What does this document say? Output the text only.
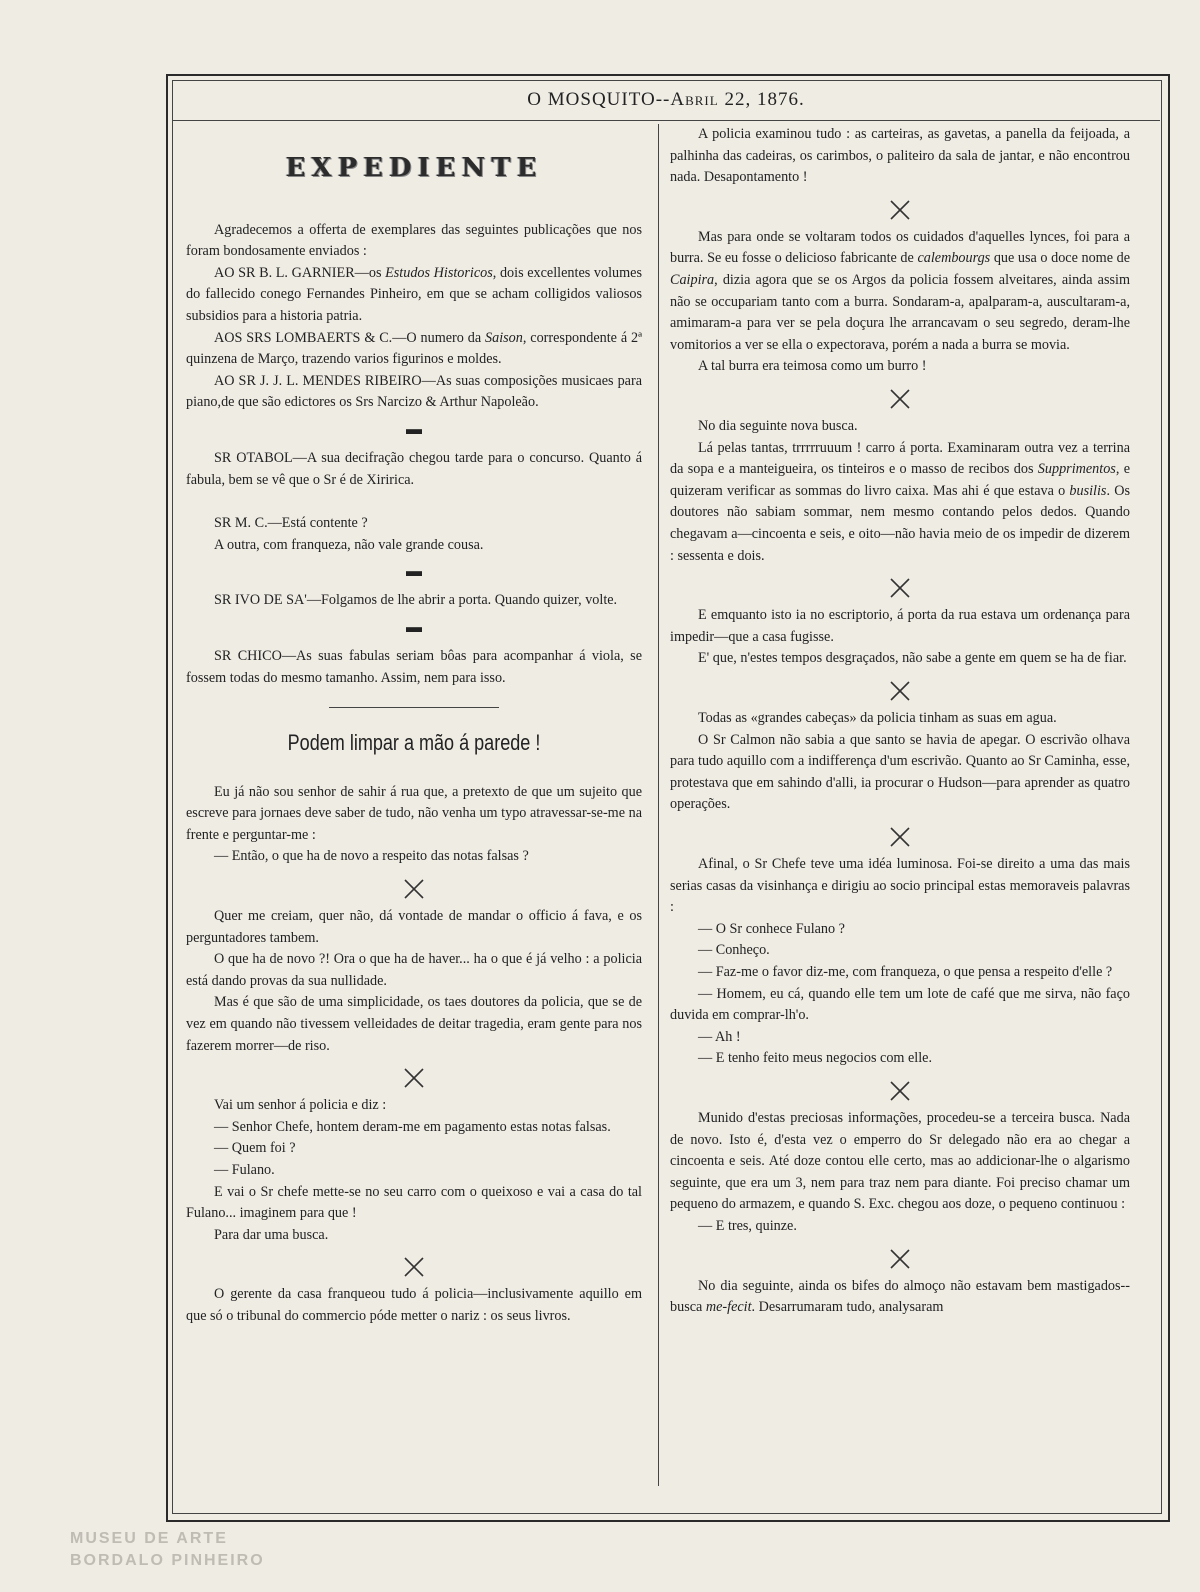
O MOSQUITO--Abril 22, 1876.
EXPEDIENTE

Agradecemos a offerta de exemplares das seguintes publicações que nos foram bondosamente enviados :

AO SR B. L. GARNIER—os Estudos Historicos, dois excellentes volumes do fallecido conego Fernandes Pinheiro, em que se acham colligidos valiosos subsidios para a historia patria.

AOS SRS LOMBAERTS & C.—O numero da Saison, correspondente á 2ª quinzena de Março, trazendo varios figurinos e moldes.

AO SR J. J. L. MENDES RIBEIRO—As suas composições musicaes para piano,de que são edictores os Srs Narcizo & Arthur Napoleão.

▬

SR OTABOL—A sua decifração chegou tarde para o concurso. Quanto á fabula, bem se vê que o Sr é de Xiririca.

SR M. C.—Está contente ?

A outra, com franqueza, não vale grande cousa.

▬

SR IVO DE SA'—Folgamos de lhe abrir a porta. Quando quizer, volte.

▬

SR CHICO—As suas fabulas seriam bôas para acompanhar á viola, se fossem todas do mesmo tamanho. Assim, nem para isso.

Podem limpar a mão á parede !

Eu já não sou senhor de sahir á rua que, a pretexto de que um sujeito que escreve para jornaes deve saber de tudo, não venha um typo atravessar-se-me na frente e perguntar-me :

— Então, o que ha de novo a respeito das notas falsas ?

Quer me creiam, quer não, dá vontade de mandar o officio á fava, e os perguntadores tambem.

O que ha de novo ?! Ora o que ha de haver... ha o que é já velho : a policia está dando provas da sua nullidade.

Mas é que são de uma simplicidade, os taes doutores da policia, que se de vez em quando não tivessem velleidades de deitar tragedia, eram gente para nos fazerem morrer—de riso.

Vai um senhor á policia e diz :

— Senhor Chefe, hontem deram-me em pagamento estas notas falsas.

— Quem foi ?

— Fulano.

E vai o Sr chefe mette-se no seu carro com o queixoso e vai a casa do tal Fulano... imaginem para que !

Para dar uma busca.

O gerente da casa franqueou tudo á policia—inclusivamente aquillo em que só o tribunal do commercio póde metter o nariz : os seus livros.

A policia examinou tudo : as carteiras, as gavetas, a panella da feijoada, a palhinha das cadeiras, os carimbos, o paliteiro da sala de jantar, e não encontrou nada. Desapontamento !

Mas para onde se voltaram todos os cuidados d'aquelles lynces, foi para a burra. Se eu fosse o delicioso fabricante de calembourgs que usa o doce nome de Caipira, dizia agora que se os Argos da policia fossem alveitares, ainda assim não se occupariam tanto com a burra. Sondaram-a, apalparam-a, auscultaram-a, amimaram-a para ver se pela doçura lhe arrancavam o seu segredo, deram-lhe vomitorios a ver se ella o expectorava, porém a nada a burra se movia.

A tal burra era teimosa como um burro !

No dia seguinte nova busca.

Lá pelas tantas, trrrrruuum ! carro á porta. Examinaram outra vez a terrina da sopa e a manteigueira, os tinteiros e o masso de recibos dos Supprimentos, e quizeram verificar as sommas do livro caixa. Mas ahi é que estava o busilis. Os doutores não sabiam sommar, nem mesmo contando pelos dedos. Quando chegavam a—cincoenta e seis, e oito—não havia meio de os impedir de dizerem : sessenta e dois.

E emquanto isto ia no escriptorio, á porta da rua estava um ordenança para impedir—que a casa fugisse.

E' que, n'estes tempos desgraçados, não sabe a gente em quem se ha de fiar.

Todas as «grandes cabeças» da policia tinham as suas em agua.

O Sr Calmon não sabia a que santo se havia de apegar. O escrivão olhava para tudo aquillo com a indifferença d'um escrivão. Quanto ao Sr Caminha, esse, protestava que em sahindo d'alli, ia procurar o Hudson—para aprender as quatro operações.

Afinal, o Sr Chefe teve uma idéa luminosa. Foi-se direito a uma das mais serias casas da visinhança e dirigiu ao socio principal estas memoraveis palavras :

— O Sr conhece Fulano ?

— Conheço.

— Faz-me o favor diz-me, com franqueza, o que pensa a respeito d'elle ?

— Homem, eu cá, quando elle tem um lote de café que me sirva, não faço duvida em comprar-lh'o.

— Ah !

— E tenho feito meus negocios com elle.

Munido d'estas preciosas informações, procedeu-se a terceira busca. Nada de novo. Isto é, d'esta vez o emperro do Sr delegado não era ao chegar a cincoenta e seis. Até doze contou elle certo, mas ao addicionar-lhe o algarismo seguinte, que era um 3, nem para traz nem para diante. Foi preciso chamar um pequeno do armazem, e quando S. Exc. chegou aos doze, o pequeno continuou :

— E tres, quinze.

No dia seguinte, ainda os bifes do almoço não estavam bem mastigados--busca me-fecit. Desarrumaram tudo, analysaram

MUSEU DE ARTE
BORDALO PINHEIRO
